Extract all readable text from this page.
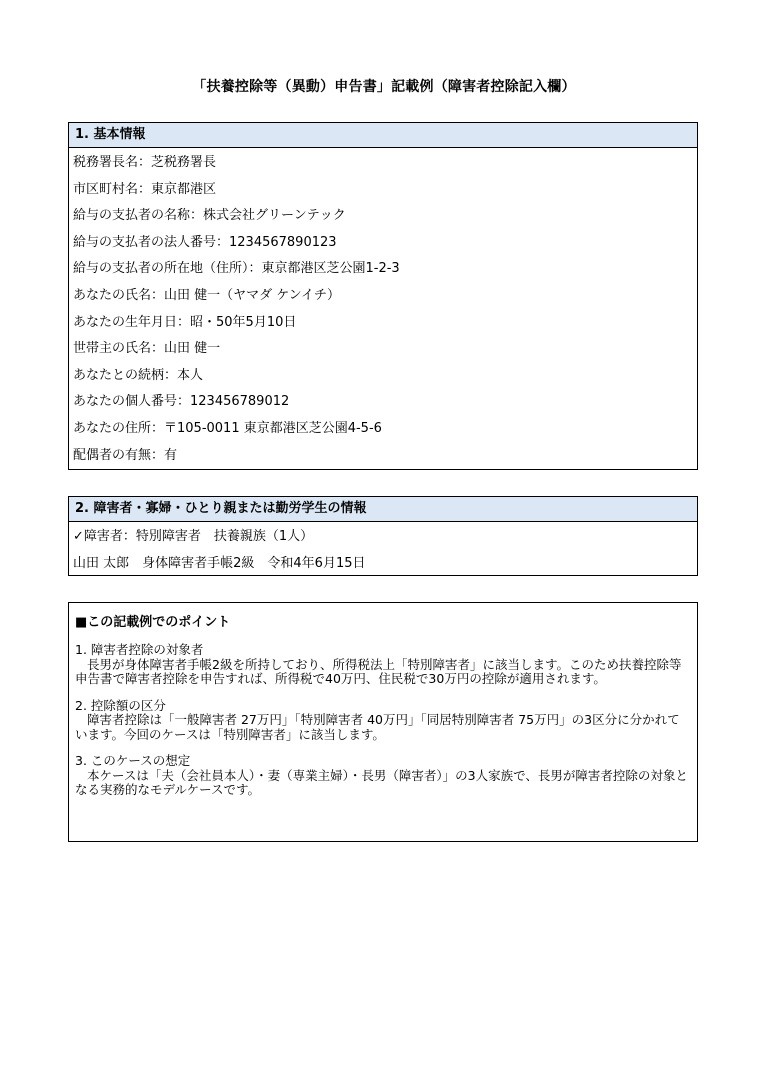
「扶養控除等（異動）申告書」記載例（障害者控除記入欄）
1. 基本情報
税務署長名：芝税務署長
市区町村名：東京都港区
給与の支払者の名称：株式会社グリーンテック
給与の支払者の法人番号：1234567890123
給与の支払者の所在地（住所）：東京都港区芝公園1-2-3
あなたの氏名：山田 健一（ヤマダ ケンイチ）
あなたの生年月日：昭・50年5月10日
世帯主の氏名：山田 健一
あなたとの続柄：本人
あなたの個人番号：123456789012
あなたの住所：〒105-0011 東京都港区芝公園4-5-6
配偶者の有無：有
2. 障害者・寡婦・ひとり親または勤労学生の情報
✓障害者：特別障害者　扶養親族（1人）
山田 太郎　身体障害者手帳2級　令和4年6月15日
■この記載例でのポイント
1. 障害者控除の対象者
長男が身体障害者手帳2級を所持しており、所得税法上「特別障害者」に該当します。このため扶養控除等申告書で障害者控除を申告すれば、所得税で40万円、住民税で30万円の控除が適用されます。
2. 控除額の区分
障害者控除は「一般障害者 27万円」「特別障害者 40万円」「同居特別障害者 75万円」の3区分に分かれています。今回のケースは「特別障害者」に該当します。
3. このケースの想定
本ケースは「夫（会社員本人）・妻（専業主婦）・長男（障害者）」の3人家族で、長男が障害者控除の対象となる実務的なモデルケースです。
